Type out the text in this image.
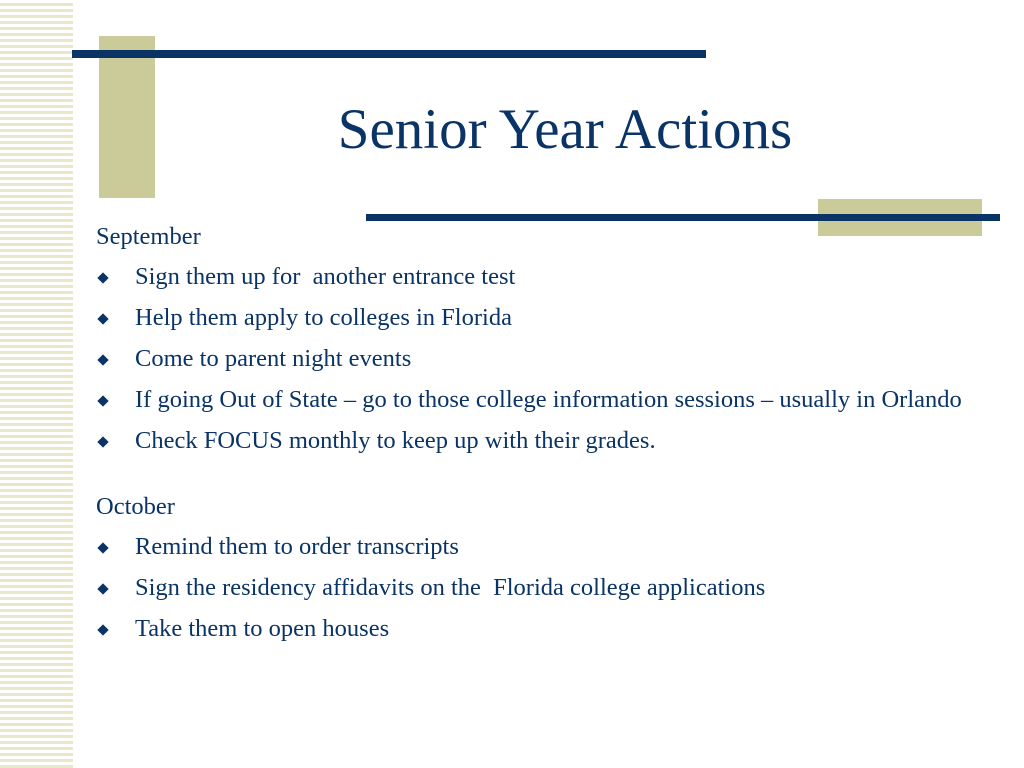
Senior Year Actions

September

Sign them up for  another entrance test
Help them apply to colleges in Florida
Come to parent night events
If going Out of State – go to those college information sessions – usually in Orlando
Check FOCUS monthly to keep up with their grades.

October

Remind them to order transcripts
Sign the residency affidavits on the  Florida college applications
Take them to open houses
